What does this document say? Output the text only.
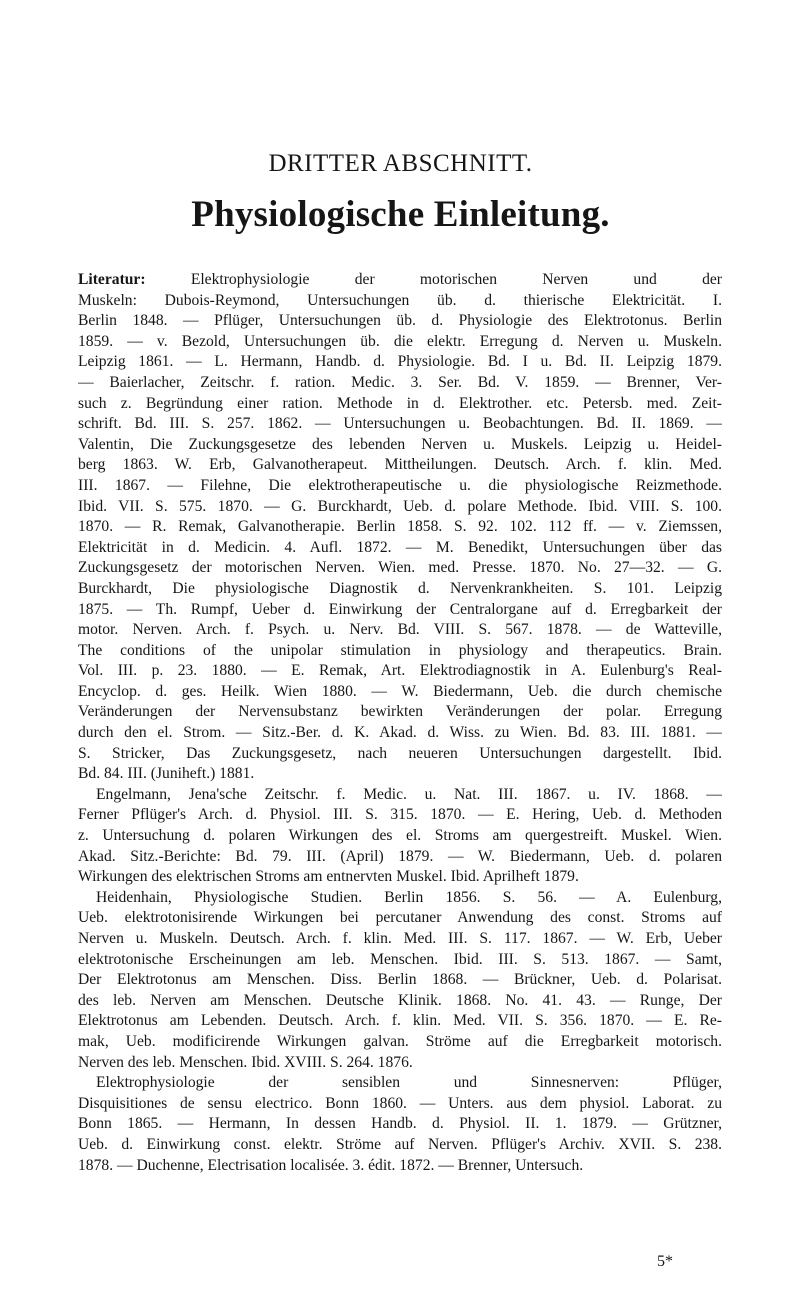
DRITTER ABSCHNITT.
Physiologische Einleitung.
Literatur: Elektrophysiologie der motorischen Nerven und der
Muskeln: Dubois-Reymond, Untersuchungen üb. d. thierische Elektricität. I.
Berlin 1848. — Pflüger, Untersuchungen üb. d. Physiologie des Elektrotonus. Berlin
1859. — v. Bezold, Untersuchungen üb. die elektr. Erregung d. Nerven u. Muskeln.
Leipzig 1861. — L. Hermann, Handb. d. Physiologie. Bd. I u. Bd. II. Leipzig 1879.
— Baierlacher, Zeitschr. f. ration. Medic. 3. Ser. Bd. V. 1859. — Brenner, Ver-
such z. Begründung einer ration. Methode in d. Elektrother. etc. Petersb. med. Zeit-
schrift. Bd. III. S. 257. 1862. — Untersuchungen u. Beobachtungen. Bd. II. 1869. —
Valentin, Die Zuckungsgesetze des lebenden Nerven u. Muskels. Leipzig u. Heidel-
berg 1863. W. Erb, Galvanotherapeut. Mittheilungen. Deutsch. Arch. f. klin. Med.
III. 1867. — Filehne, Die elektrotherapeutische u. die physiologische Reizmethode.
Ibid. VII. S. 575. 1870. — G. Burckhardt, Ueb. d. polare Methode. Ibid. VIII. S. 100.
1870. — R. Remak, Galvanotherapie. Berlin 1858. S. 92. 102. 112 ff. — v. Ziemssen,
Elektricität in d. Medicin. 4. Aufl. 1872. — M. Benedikt, Untersuchungen über das
Zuckungsgesetz der motorischen Nerven. Wien. med. Presse. 1870. No. 27—32. — G.
Burckhardt, Die physiologische Diagnostik d. Nervenkrankheiten. S. 101. Leipzig
1875. — Th. Rumpf, Ueber d. Einwirkung der Centralorgane auf d. Erregbarkeit der
motor. Nerven. Arch. f. Psych. u. Nerv. Bd. VIII. S. 567. 1878. — de Watteville,
The conditions of the unipolar stimulation in physiology and therapeutics. Brain.
Vol. III. p. 23. 1880. — E. Remak, Art. Elektrodiagnostik in A. Eulenburg's Real-
Encyclop. d. ges. Heilk. Wien 1880. — W. Biedermann, Ueb. die durch chemische
Veränderungen der Nervensubstanz bewirkten Veränderungen der polar. Erregung
durch den el. Strom. — Sitz.-Ber. d. K. Akad. d. Wiss. zu Wien. Bd. 83. III. 1881. —
S. Stricker, Das Zuckungsgesetz, nach neueren Untersuchungen dargestellt. Ibid.
Bd. 84. III. (Juniheft.) 1881.
Engelmann, Jena'sche Zeitschr. f. Medic. u. Nat. III. 1867. u. IV. 1868. —
Ferner Pflüger's Arch. d. Physiol. III. S. 315. 1870. — E. Hering, Ueb. d. Methoden
z. Untersuchung d. polaren Wirkungen des el. Stroms am quergestreift. Muskel. Wien.
Akad. Sitz.-Berichte: Bd. 79. III. (April) 1879. — W. Biedermann, Ueb. d. polaren
Wirkungen des elektrischen Stroms am entnervten Muskel. Ibid. Aprilheft 1879.
Heidenhain, Physiologische Studien. Berlin 1856. S. 56. — A. Eulenburg,
Ueb. elektrotonisirende Wirkungen bei percutaner Anwendung des const. Stroms auf
Nerven u. Muskeln. Deutsch. Arch. f. klin. Med. III. S. 117. 1867. — W. Erb, Ueber
elektrotonische Erscheinungen am leb. Menschen. Ibid. III. S. 513. 1867. — Samt,
Der Elektrotonus am Menschen. Diss. Berlin 1868. — Brückner, Ueb. d. Polarisat.
des leb. Nerven am Menschen. Deutsche Klinik. 1868. No. 41. 43. — Runge, Der
Elektrotonus am Lebenden. Deutsch. Arch. f. klin. Med. VII. S. 356. 1870. — E. Re-
mak, Ueb. modificirende Wirkungen galvan. Ströme auf die Erregbarkeit motorisch.
Nerven des leb. Menschen. Ibid. XVIII. S. 264. 1876.
Elektrophysiologie der sensiblen und Sinnesnerven: Pflüger,
Disquisitiones de sensu electrico. Bonn 1860. — Unters. aus dem physiol. Laborat. zu
Bonn 1865. — Hermann, In dessen Handb. d. Physiol. II. 1. 1879. — Grützner,
Ueb. d. Einwirkung const. elektr. Ströme auf Nerven. Pflüger's Archiv. XVII. S. 238.
1878. — Duchenne, Electrisation localisée. 3. édit. 1872. — Brenner, Untersuch.
5*
